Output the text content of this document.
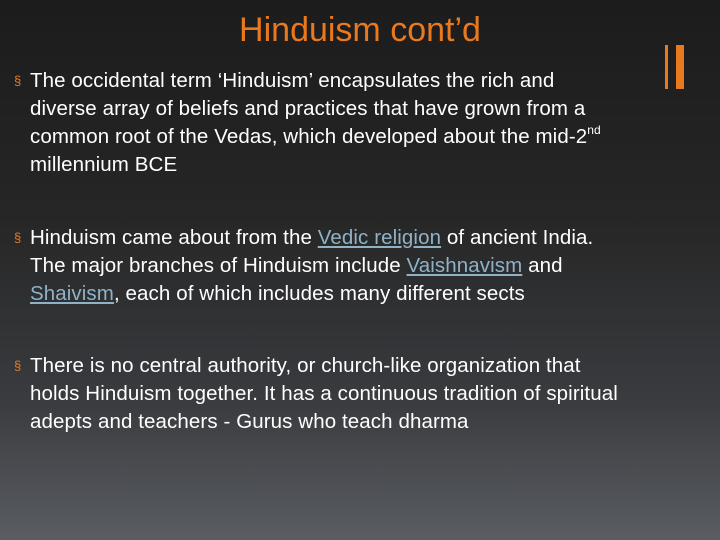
Hinduism cont’d
§ The occidental term ‘Hinduism’ encapsulates the rich and
diverse array of beliefs and practices that have grown from a
common root of the Vedas, which developed about the mid-2nd
millennium BCE
§ Hinduism came about from the Vedic religion of ancient India.
The major branches of Hinduism include Vaishnavism and
Shaivism, each of which includes many different sects
§ There is no central authority, or church-like organization that
holds Hinduism together. It has a continuous tradition of spiritual
adepts and teachers - Gurus who teach dharma
